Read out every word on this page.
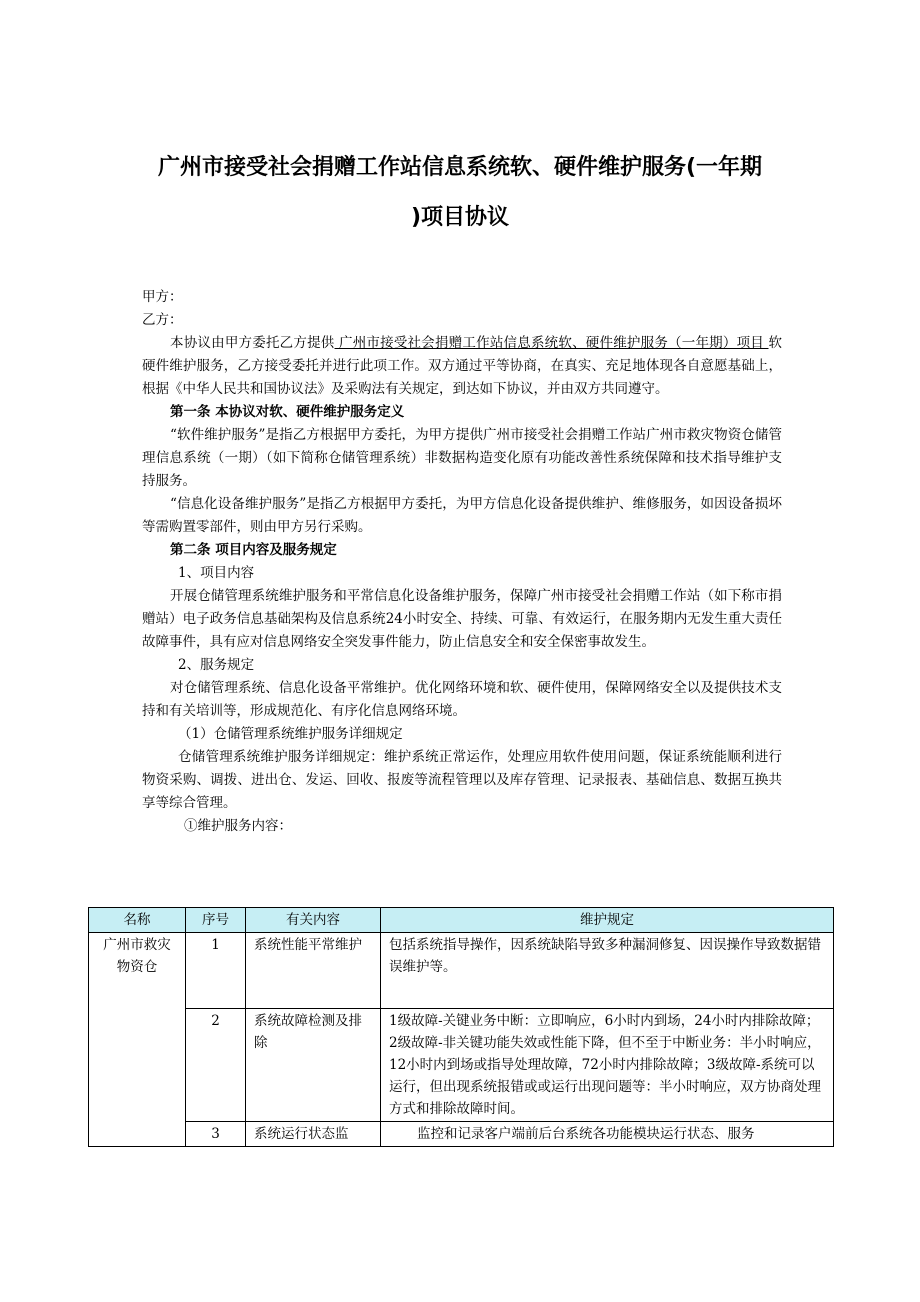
广州市接受社会捐赠工作站信息系统软、硬件维护服务(一年期
)项目协议

甲方：

乙方：

本协议由甲方委托乙方提供 广州市接受社会捐赠工作站信息系统软、硬件维护服务（一年期）项目 软硬件维护服务，乙方接受委托并进行此项工作。双方通过平等协商，在真实、充足地体现各自意愿基础上，根据《中华人民共和国协议法》及采购法有关规定，到达如下协议，并由双方共同遵守。

第一条 本协议对软、硬件维护服务定义

“软件维护服务”是指乙方根据甲方委托，为甲方提供广州市接受社会捐赠工作站广州市救灾物资仓储管理信息系统（一期）（如下简称仓储管理系统）非数据构造变化原有功能改善性系统保障和技术指导维护支持服务。

“信息化设备维护服务”是指乙方根据甲方委托，为甲方信息化设备提供维护、维修服务，如因设备损坏等需购置零部件，则由甲方另行采购。

第二条 项目内容及服务规定

1、项目内容

开展仓储管理系统维护服务和平常信息化设备维护服务，保障广州市接受社会捐赠工作站（如下称市捐赠站）电子政务信息基础架构及信息系统24小时安全、持续、可靠、有效运行，在服务期内无发生重大责任故障事件，具有应对信息网络安全突发事件能力，防止信息安全和安全保密事故发生。

2、服务规定

对仓储管理系统、信息化设备平常维护。优化网络环境和软、硬件使用，保障网络安全以及提供技术支持和有关培训等，形成规范化、有序化信息网络环境。

（1）仓储管理系统维护服务详细规定

仓储管理系统维护服务详细规定：维护系统正常运作，处理应用软件使用问题，保证系统能顺利进行物资采购、调拨、进出仓、发运、回收、报废等流程管理以及库存管理、记录报表、基础信息、数据互换共享等综合管理。

①维护服务内容：

名称	序号	有关内容	维护规定
广州市救灾物资仓	1	系统性能平常维护	包括系统指导操作，因系统缺陷导致多种漏洞修复、因误操作导致数据错误维护等。
	2	系统故障检测及排除	1级故障-关键业务中断：立即响应，6小时内到场，24小时内排除故障；2级故障-非关键功能失效或性能下降，但不至于中断业务：半小时响应，12小时内到场或指导处理故障，72小时内排除故障；3级故障-系统可以运行，但出现系统报错或或运行出现问题等：半小时响应，双方协商处理方式和排除故障时间。
	3	系统运行状态监	监控和记录客户端前后台系统各功能模块运行状态、服务
